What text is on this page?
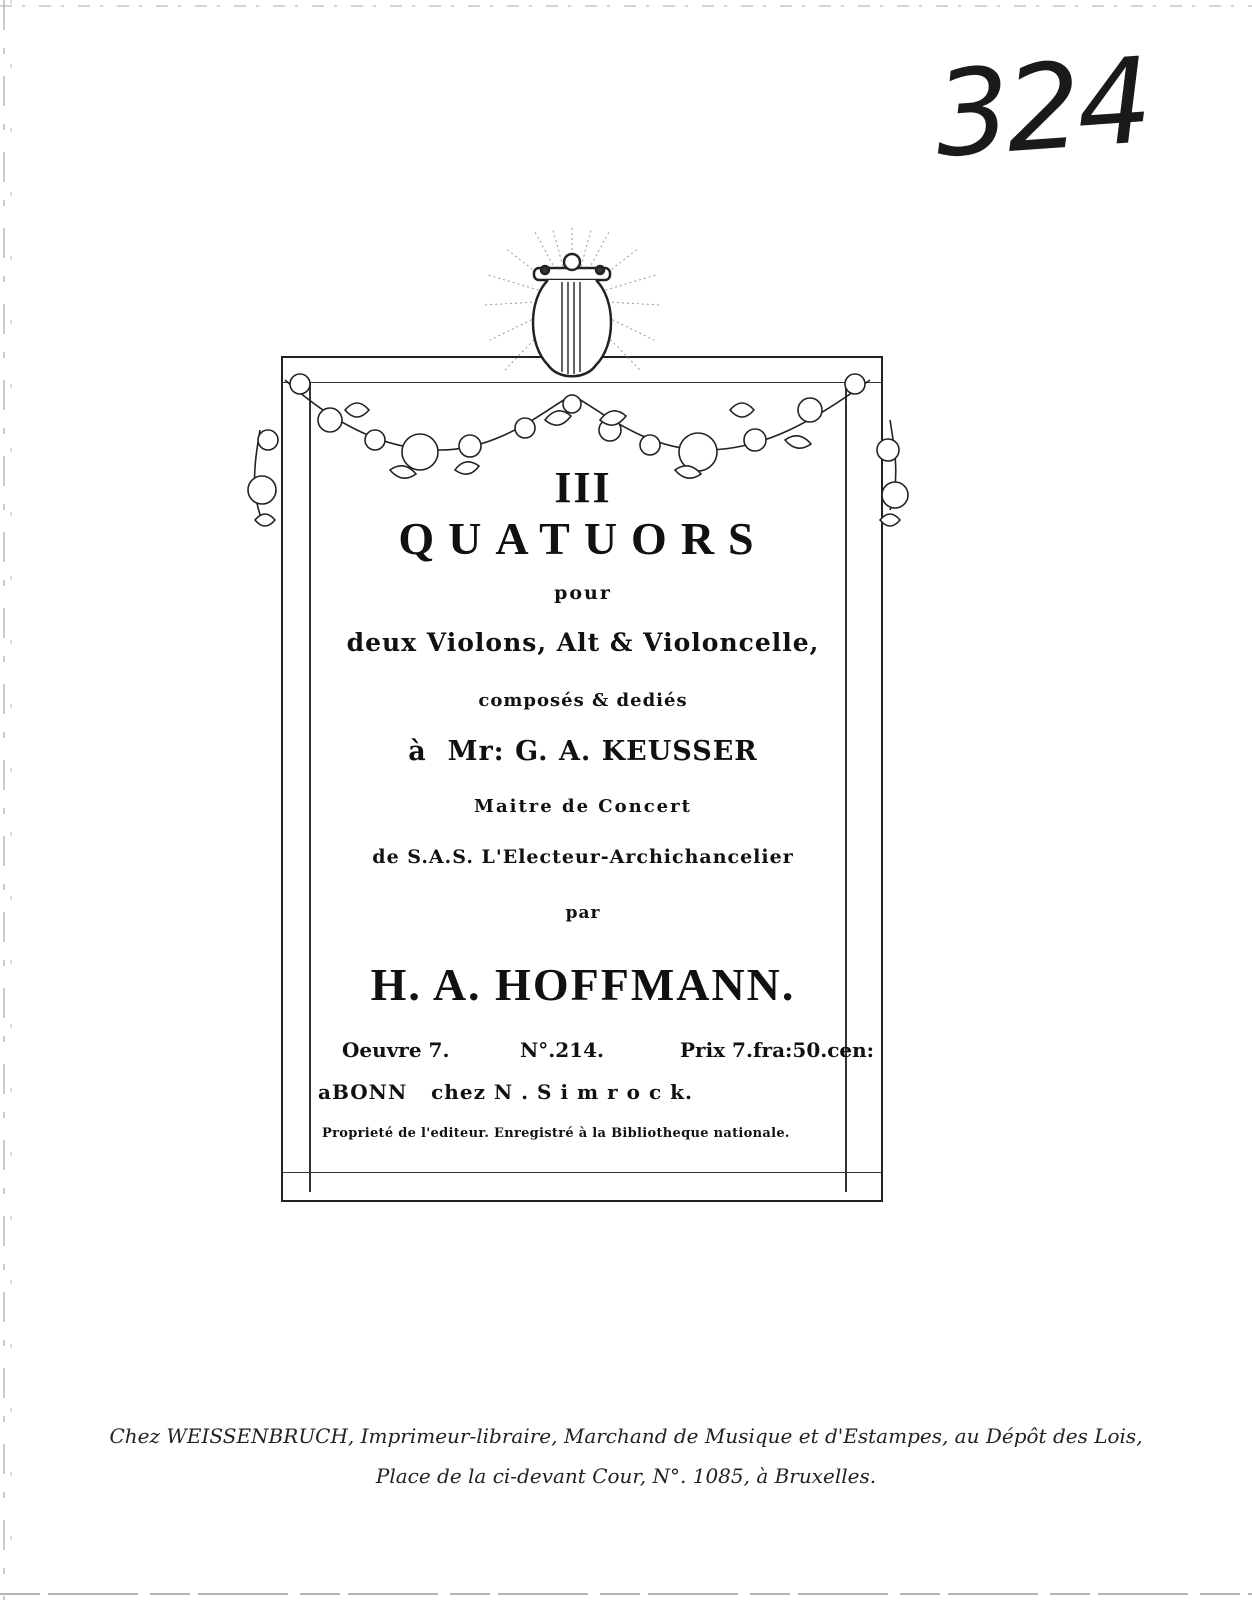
324
III
QUATUORS
pour
deux Violons, Alt & Violoncelle,
composés & dediés
à Mr: G. A. KEUSSER
Maitre de Concert
de S.A.S. L'Electeur-Archichancelier
par
H. A. HOFFMANN.
Oeuvre 7.	N°.214.	Prix 7.fra:50.cen:
aBONN chez N . S i m r o c k.
Proprieté de l'editeur. Enregistré à la Bibliotheque nationale.
Chez WEISSENBRUCH, Imprimeur-libraire, Marchand de Musique et d'Estampes, au Dépôt des Lois,
Place de la ci-devant Cour, N°. 1085, à Bruxelles.
